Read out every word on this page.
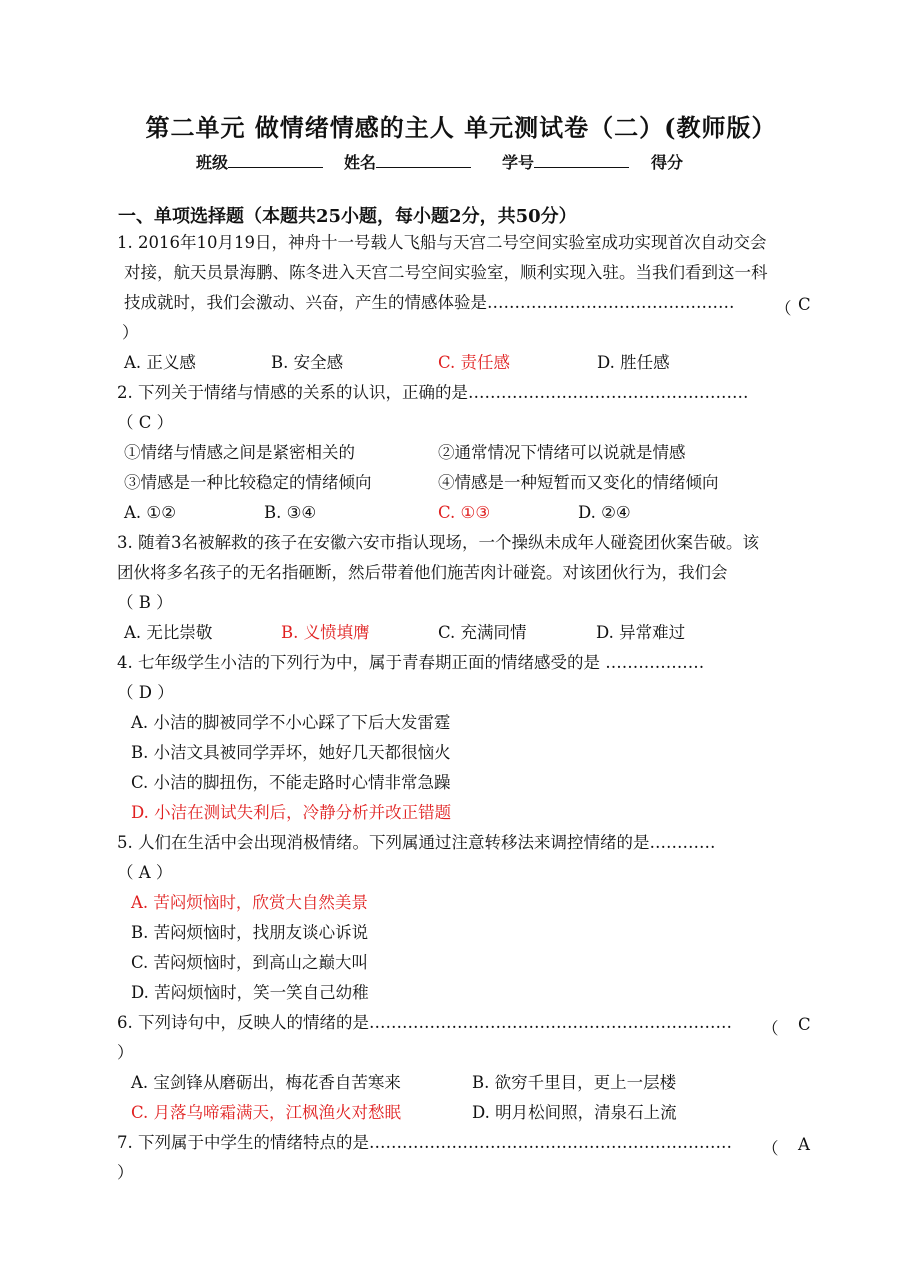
第二单元 做情绪情感的主人 单元测试卷（二）(教师版）
班级	姓名	学号	得分
一、单项选择题（本题共25小题，每小题2分，共50分）
1. 2016年10月19日，神舟十一号载人飞船与天宫二号空间实验室成功实现首次自动交会
对接，航天员景海鹏、陈冬进入天宫二号空间实验室，顺利实现入驻。当我们看到这一科
技成就时，我们会激动、兴奋，产生的情感体验是……………………………………… （ C
）
A. 正义感	B. 安全感	C. 责任感	D. 胜任感
2. 下列关于情绪与情感的关系的认识，正确的是……………………………………………
（ C ）
①情绪与情感之间是紧密相关的	②通常情况下情绪可以说就是情感
③情感是一种比较稳定的情绪倾向	④情感是一种短暂而又变化的情绪倾向
A. ①②	B. ③④	C. ①③	D. ②④
3. 随着3名被解救的孩子在安徽六安市指认现场，一个操纵未成年人碰瓷团伙案告破。该
团伙将多名孩子的无名指砸断，然后带着他们施苦肉计碰瓷。对该团伙行为，我们会
（ B ）
A. 无比崇敬	B. 义愤填膺	C. 充满同情	D. 异常难过
4. 七年级学生小洁的下列行为中，属于青春期正面的情绪感受的是 ………………
（ D ）
A. 小洁的脚被同学不小心踩了下后大发雷霆
B. 小洁文具被同学弄坏，她好几天都很恼火
C. 小洁的脚扭伤，不能走路时心情非常急躁
D. 小洁在测试失利后，冷静分析并改正错题
5. 人们在生活中会出现消极情绪。下列属通过注意转移法来调控情绪的是…………
（ A ）
A. 苦闷烦恼时，欣赏大自然美景
B. 苦闷烦恼时，找朋友谈心诉说
C. 苦闷烦恼时，到高山之巅大叫
D. 苦闷烦恼时，笑一笑自己幼稚
6. 下列诗句中，反映人的情绪的是………………………………………………………… （ C
）
A. 宝剑锋从磨砺出，梅花香自苦寒来	B. 欲穷千里目，更上一层楼
C. 月落乌啼霜满天，江枫渔火对愁眠	D. 明月松间照，清泉石上流
7. 下列属于中学生的情绪特点的是………………………………………………………… （ A
）
